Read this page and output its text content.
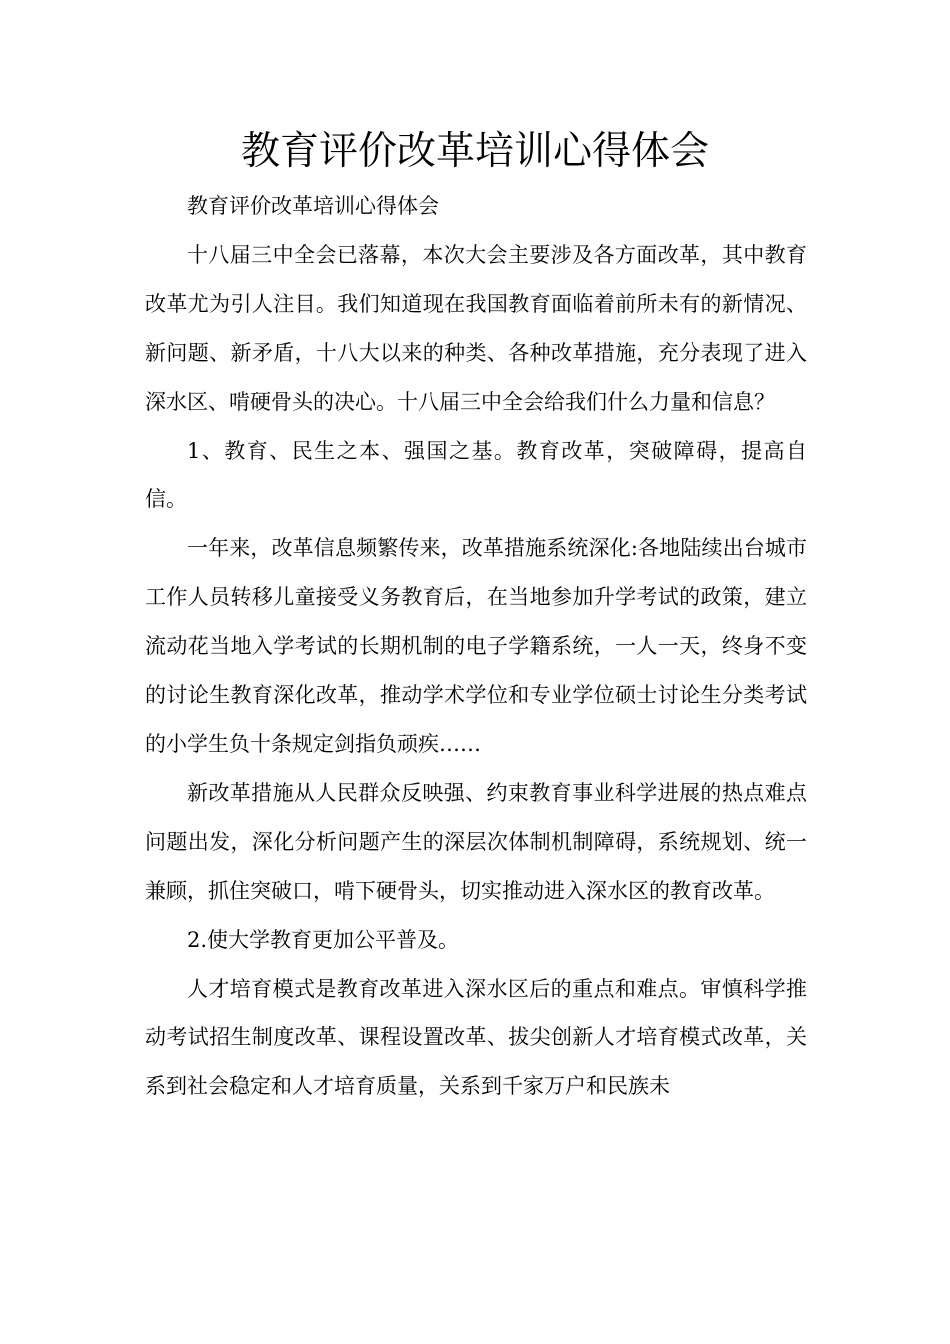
教育评价改革培训心得体会

教育评价改革培训心得体会

十八届三中全会已落幕，本次大会主要涉及各方面改革，其中教育改革尤为引人注目。我们知道现在我国教育面临着前所未有的新情况、新问题、新矛盾，十八大以来的种类、各种改革措施，充分表现了进入深水区、啃硬骨头的决心。十八届三中全会给我们什么力量和信息？

1、教育、民生之本、强国之基。教育改革，突破障碍，提高自信。

一年来，改革信息频繁传来，改革措施系统深化:各地陆续出台城市工作人员转移儿童接受义务教育后，在当地参加升学考试的政策，建立流动花当地入学考试的长期机制的电子学籍系统，一人一天，终身不变的讨论生教育深化改革，推动学术学位和专业学位硕士讨论生分类考试的小学生负十条规定剑指负顽疾……

新改革措施从人民群众反映强、约束教育事业科学进展的热点难点问题出发，深化分析问题产生的深层次体制机制障碍，系统规划、统一兼顾，抓住突破口，啃下硬骨头，切实推动进入深水区的教育改革。

2.使大学教育更加公平普及。

人才培育模式是教育改革进入深水区后的重点和难点。审慎科学推动考试招生制度改革、课程设置改革、拔尖创新人才培育模式改革，关系到社会稳定和人才培育质量，关系到千家万户和民族未
